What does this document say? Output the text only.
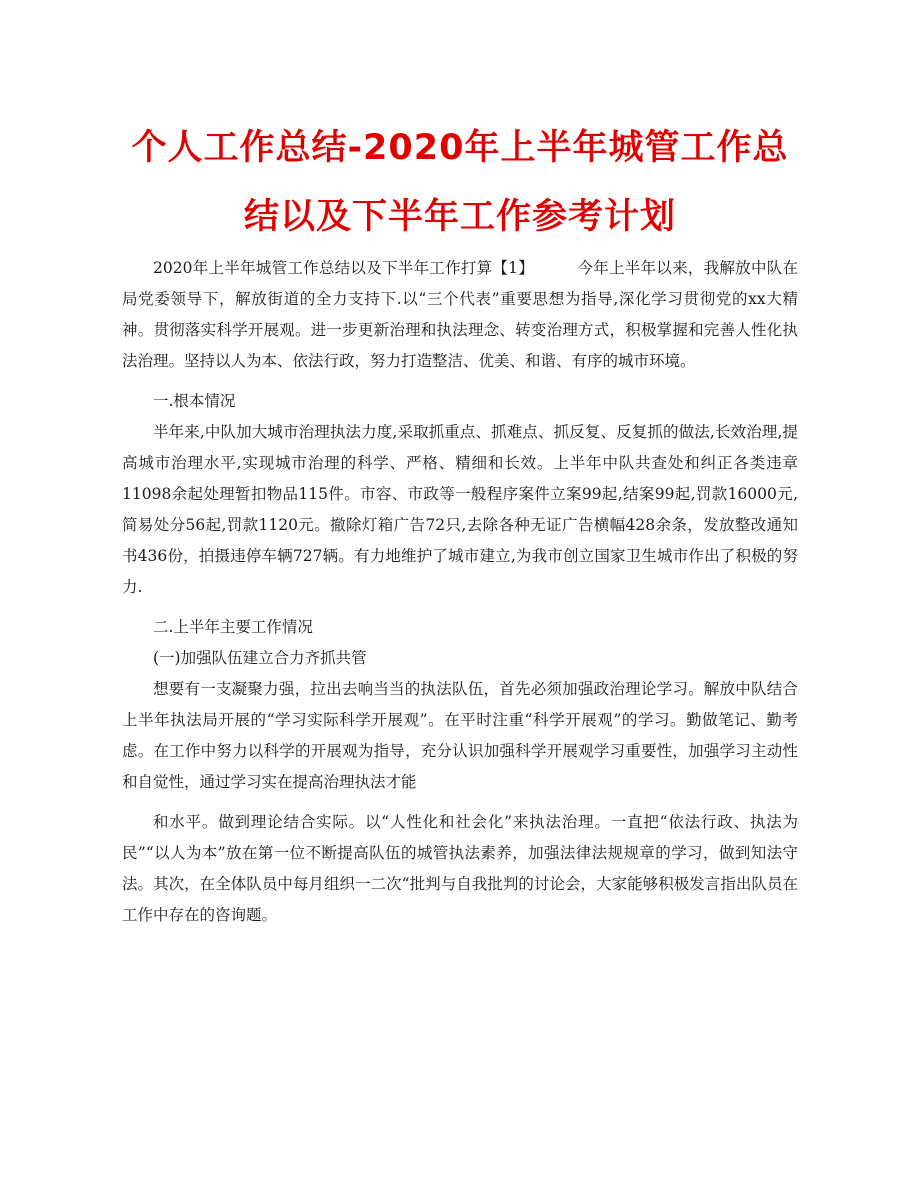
个人工作总结-2020年上半年城管工作总
结以及下半年工作参考计划

2020年上半年城管工作总结以及下半年工作打算【1】	今年上半年以来，我解放中队在局党委领导下，解放街道的全力支持下.以“三个代表”重要思想为指导,深化学习贯彻党的xx大精神。贯彻落实科学开展观。进一步更新治理和执法理念、转变治理方式，积极掌握和完善人性化执法治理。坚持以人为本、依法行政，努力打造整洁、优美、和谐、有序的城市环境。

一.根本情况

半年来,中队加大城市治理执法力度,采取抓重点、抓难点、抓反复、反复抓的做法,长效治理,提高城市治理水平,实现城市治理的科学、严格、精细和长效。上半年中队共查处和纠正各类违章11098余起处理暂扣物品115件。市容、市政等一般程序案件立案99起,结案99起,罚款16000元,简易处分56起,罚款1120元。撤除灯箱广告72只,去除各种无证广告横幅428余条，发放整改通知书436份，拍摄违停车辆727辆。有力地维护了城市建立,为我市创立国家卫生城市作出了积极的努力.

二.上半年主要工作情况

(一)加强队伍建立合力齐抓共管

想要有一支凝聚力强，拉出去响当当的执法队伍，首先必须加强政治理论学习。解放中队结合上半年执法局开展的“学习实际科学开展观”。在平时注重“科学开展观”的学习。勤做笔记、勤考虑。在工作中努力以科学的开展观为指导，充分认识加强科学开展观学习重要性，加强学习主动性和自觉性，通过学习实在提高治理执法才能

和水平。做到理论结合实际。以“人性化和社会化”来执法治理。一直把“依法行政、执法为民”“以人为本”放在第一位不断提高队伍的城管执法素养，加强法律法规规章的学习，做到知法守法。其次，在全体队员中每月组织一二次“批判与自我批判的讨论会，大家能够积极发言指出队员在工作中存在的咨询题。
